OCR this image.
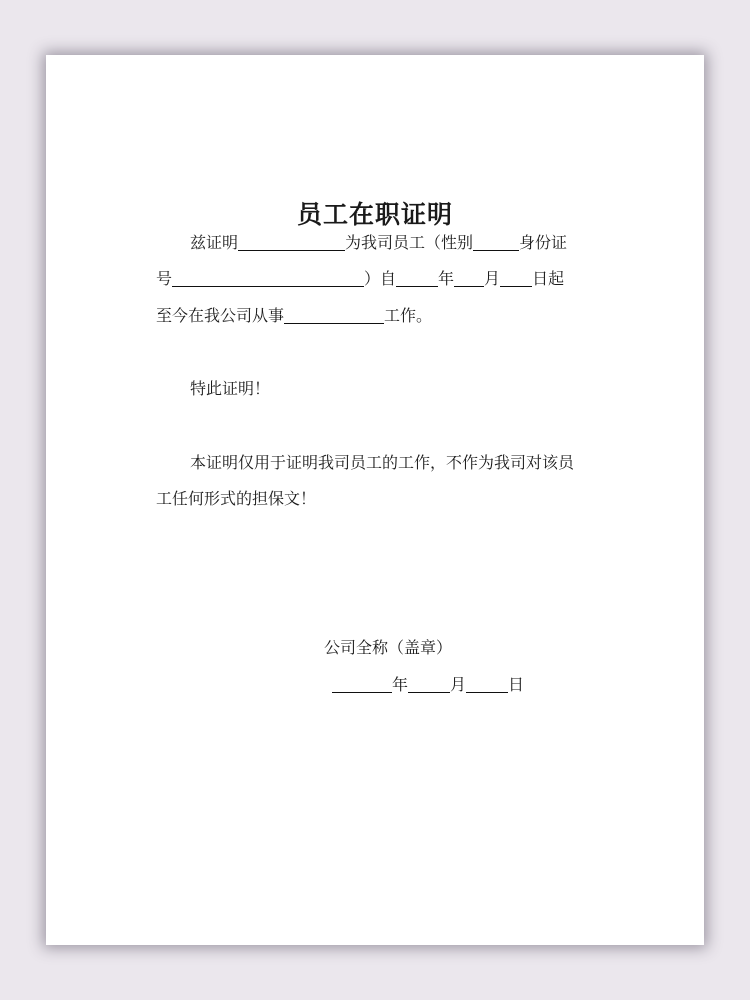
员工在职证明
兹证明	为我司员工（性别	身份证
号	）自	年 月 日起
至今在我公司从事	工作。
特此证明！
本证明仅用于证明我司员工的工作，不作为我司对该员
工任何形式的担保文！
公司全称（盖章）
年	月	日
